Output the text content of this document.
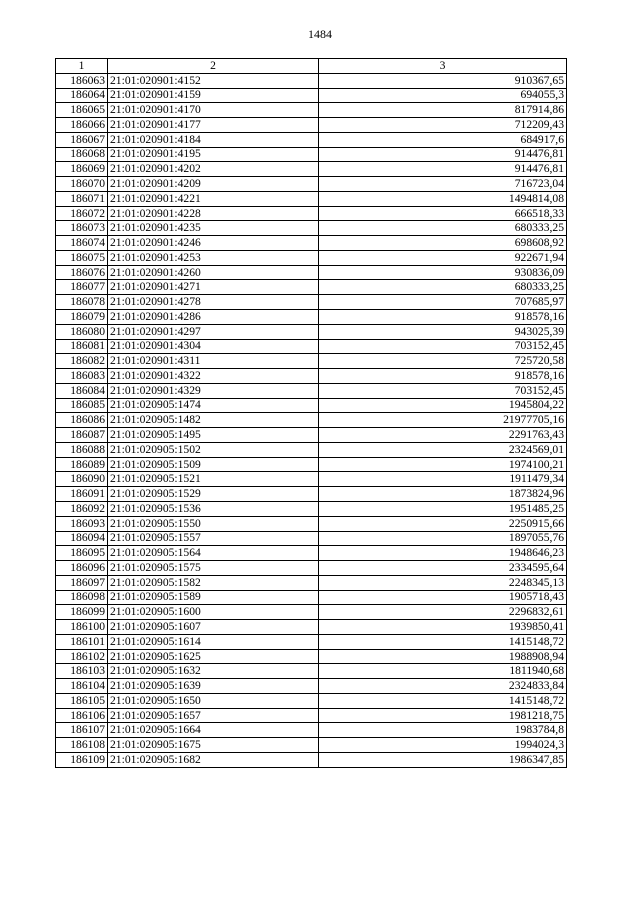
1484
1	2	3
186063	21:01:020901:4152	910367,65
186064	21:01:020901:4159	694055,3
186065	21:01:020901:4170	817914,86
186066	21:01:020901:4177	712209,43
186067	21:01:020901:4184	684917,6
186068	21:01:020901:4195	914476,81
186069	21:01:020901:4202	914476,81
186070	21:01:020901:4209	716723,04
186071	21:01:020901:4221	1494814,08
186072	21:01:020901:4228	666518,33
186073	21:01:020901:4235	680333,25
186074	21:01:020901:4246	698608,92
186075	21:01:020901:4253	922671,94
186076	21:01:020901:4260	930836,09
186077	21:01:020901:4271	680333,25
186078	21:01:020901:4278	707685,97
186079	21:01:020901:4286	918578,16
186080	21:01:020901:4297	943025,39
186081	21:01:020901:4304	703152,45
186082	21:01:020901:4311	725720,58
186083	21:01:020901:4322	918578,16
186084	21:01:020901:4329	703152,45
186085	21:01:020905:1474	1945804,22
186086	21:01:020905:1482	21977705,16
186087	21:01:020905:1495	2291763,43
186088	21:01:020905:1502	2324569,01
186089	21:01:020905:1509	1974100,21
186090	21:01:020905:1521	1911479,34
186091	21:01:020905:1529	1873824,96
186092	21:01:020905:1536	1951485,25
186093	21:01:020905:1550	2250915,66
186094	21:01:020905:1557	1897055,76
186095	21:01:020905:1564	1948646,23
186096	21:01:020905:1575	2334595,64
186097	21:01:020905:1582	2248345,13
186098	21:01:020905:1589	1905718,43
186099	21:01:020905:1600	2296832,61
186100	21:01:020905:1607	1939850,41
186101	21:01:020905:1614	1415148,72
186102	21:01:020905:1625	1988908,94
186103	21:01:020905:1632	1811940,68
186104	21:01:020905:1639	2324833,84
186105	21:01:020905:1650	1415148,72
186106	21:01:020905:1657	1981218,75
186107	21:01:020905:1664	1983784,8
186108	21:01:020905:1675	1994024,3
186109	21:01:020905:1682	1986347,85
